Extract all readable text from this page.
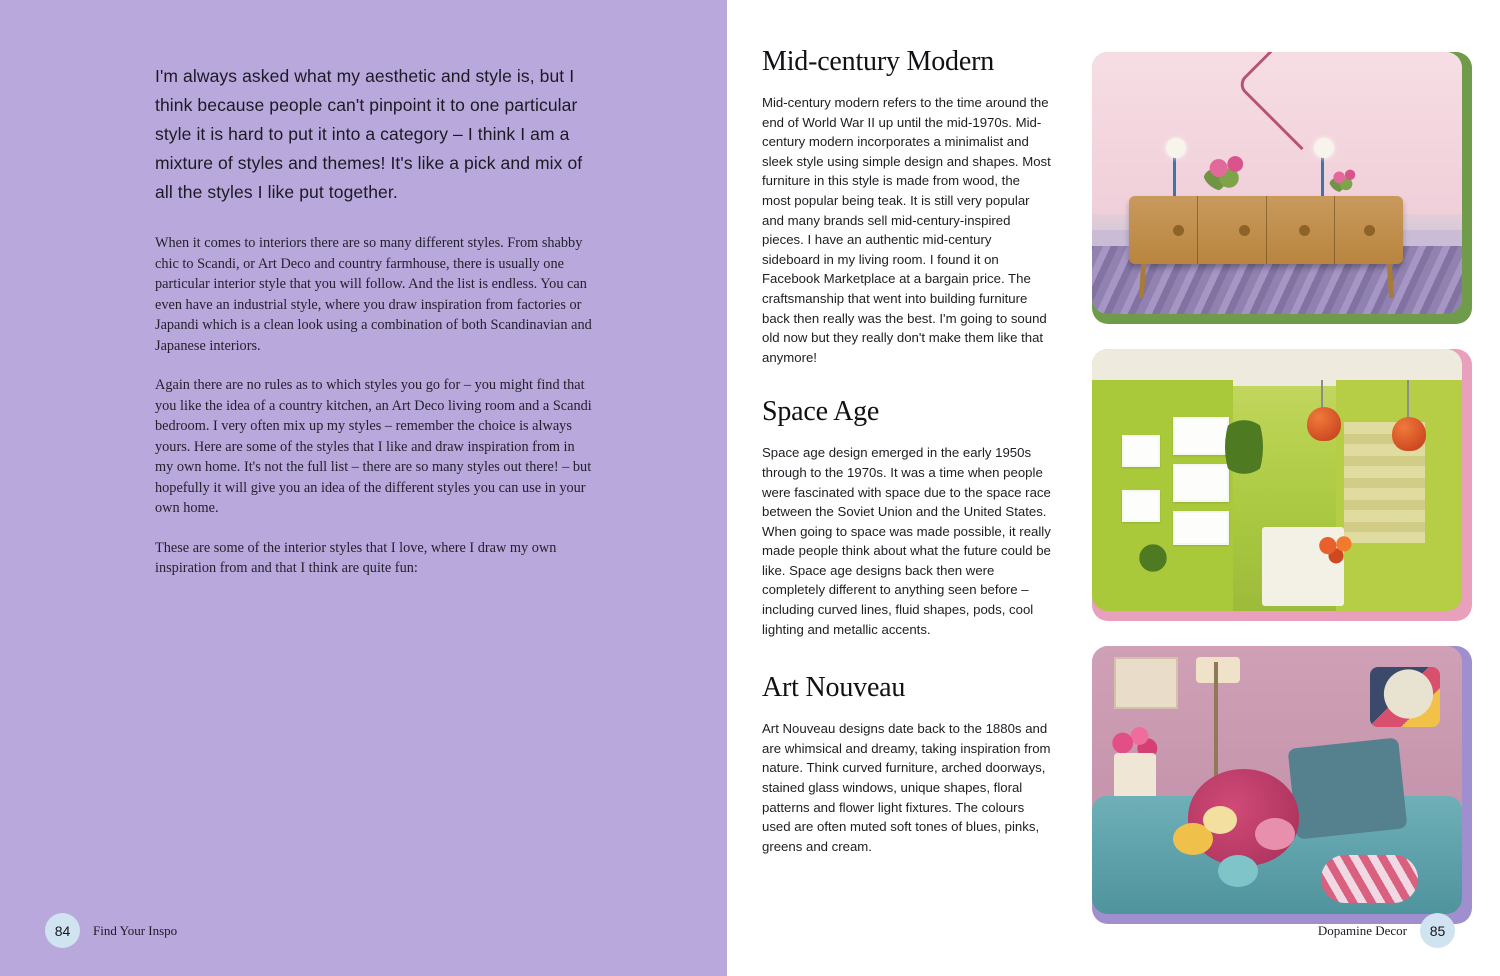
I'm always asked what my aesthetic and style is, but I think because people can't pinpoint it to one particular style it is hard to put it into a category – I think I am a mixture of styles and themes! It's like a pick and mix of all the styles I like put together.

When it comes to interiors there are so many different styles. From shabby chic to Scandi, or Art Deco and country farmhouse, there is usually one particular interior style that you will follow. And the list is endless. You can even have an industrial style, where you draw inspiration from factories or Japandi which is a clean look using a combination of both Scandinavian and Japanese interiors.

Again there are no rules as to which styles you go for – you might find that you like the idea of a country kitchen, an Art Deco living room and a Scandi bedroom. I very often mix up my styles – remember the choice is always yours. Here are some of the styles that I like and draw inspiration from in my own home. It's not the full list – there are so many styles out there! – but hopefully it will give you an idea of the different styles you can use in your own home.

These are some of the interior styles that I love, where I draw my own inspiration from and that I think are quite fun:

84	Find Your Inspo
Mid-century Modern

Mid-century modern refers to the time around the end of World War II up until the mid-1970s. Mid-century modern incorporates a minimalist and sleek style using simple design and shapes. Most furniture in this style is made from wood, the most popular being teak. It is still very popular and many brands sell mid-century-inspired pieces. I have an authentic mid-century sideboard in my living room. I found it on Facebook Marketplace at a bargain price. The craftsmanship that went into building furniture back then really was the best. I'm going to sound old now but they really don't make them like that anymore!

Space Age

Space age design emerged in the early 1950s through to the 1970s. It was a time when people were fascinated with space due to the space race between the Soviet Union and the United States. When going to space was made possible, it really made people think about what the future could be like. Space age designs back then were completely different to anything seen before – including curved lines, fluid shapes, pods, cool lighting and metallic accents.

Art Nouveau

Art Nouveau designs date back to the 1880s and are whimsical and dreamy, taking inspiration from nature. Think curved furniture, arched doorways, stained glass windows, unique shapes, floral patterns and flower light fixtures. The colours used are often muted soft tones of blues, pinks, greens and cream.

Dopamine Decor	85
